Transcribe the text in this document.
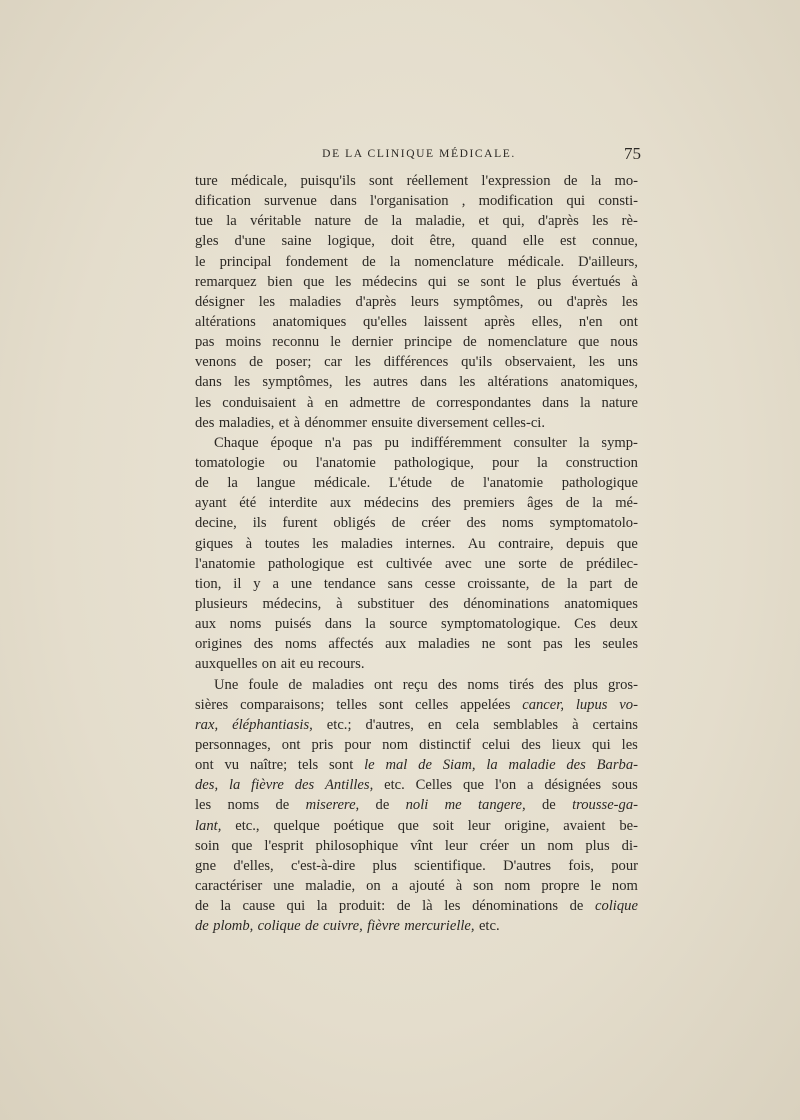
DE LA CLINIQUE MÉDICALE.	75
ture médicale, puisqu'ils sont réellement l'expression de la mo-
dification survenue dans l'organisation , modification qui consti-
tue la véritable nature de la maladie, et qui, d'après les rè-
gles d'une saine logique, doit être, quand elle est connue,
le principal fondement de la nomenclature médicale. D'ailleurs,
remarquez bien que les médecins qui se sont le plus évertués à
désigner les maladies d'après leurs symptômes, ou d'après les
altérations anatomiques qu'elles laissent après elles, n'en ont
pas moins reconnu le dernier principe de nomenclature que nous
venons de poser; car les différences qu'ils observaient, les uns
dans les symptômes, les autres dans les altérations anatomiques,
les conduisaient à en admettre de correspondantes dans la nature
des maladies, et à dénommer ensuite diversement celles-ci.
Chaque époque n'a pas pu indifféremment consulter la symp-
tomatologie ou l'anatomie pathologique, pour la construction
de la langue médicale. L'étude de l'anatomie pathologique
ayant été interdite aux médecins des premiers âges de la mé-
decine, ils furent obligés de créer des noms symptomatolo-
giques à toutes les maladies internes. Au contraire, depuis que
l'anatomie pathologique est cultivée avec une sorte de prédilec-
tion, il y a une tendance sans cesse croissante, de la part de
plusieurs médecins, à substituer des dénominations anatomiques
aux noms puisés dans la source symptomatologique. Ces deux
origines des noms affectés aux maladies ne sont pas les seules
auxquelles on ait eu recours.
Une foule de maladies ont reçu des noms tirés des plus gros-
sières comparaisons; telles sont celles appelées cancer, lupus vo-
rax, éléphantiasis, etc.; d'autres, en cela semblables à certains
personnages, ont pris pour nom distinctif celui des lieux qui les
ont vu naître; tels sont le mal de Siam, la maladie des Barba-
des, la fièvre des Antilles, etc. Celles que l'on a désignées sous
les noms de miserere, de noli me tangere, de trousse-ga-
lant, etc., quelque poétique que soit leur origine, avaient be-
soin que l'esprit philosophique vînt leur créer un nom plus di-
gne d'elles, c'est-à-dire plus scientifique. D'autres fois, pour
caractériser une maladie, on a ajouté à son nom propre le nom
de la cause qui la produit: de là les dénominations de colique
de plomb, colique de cuivre, fièvre mercurielle, etc.
